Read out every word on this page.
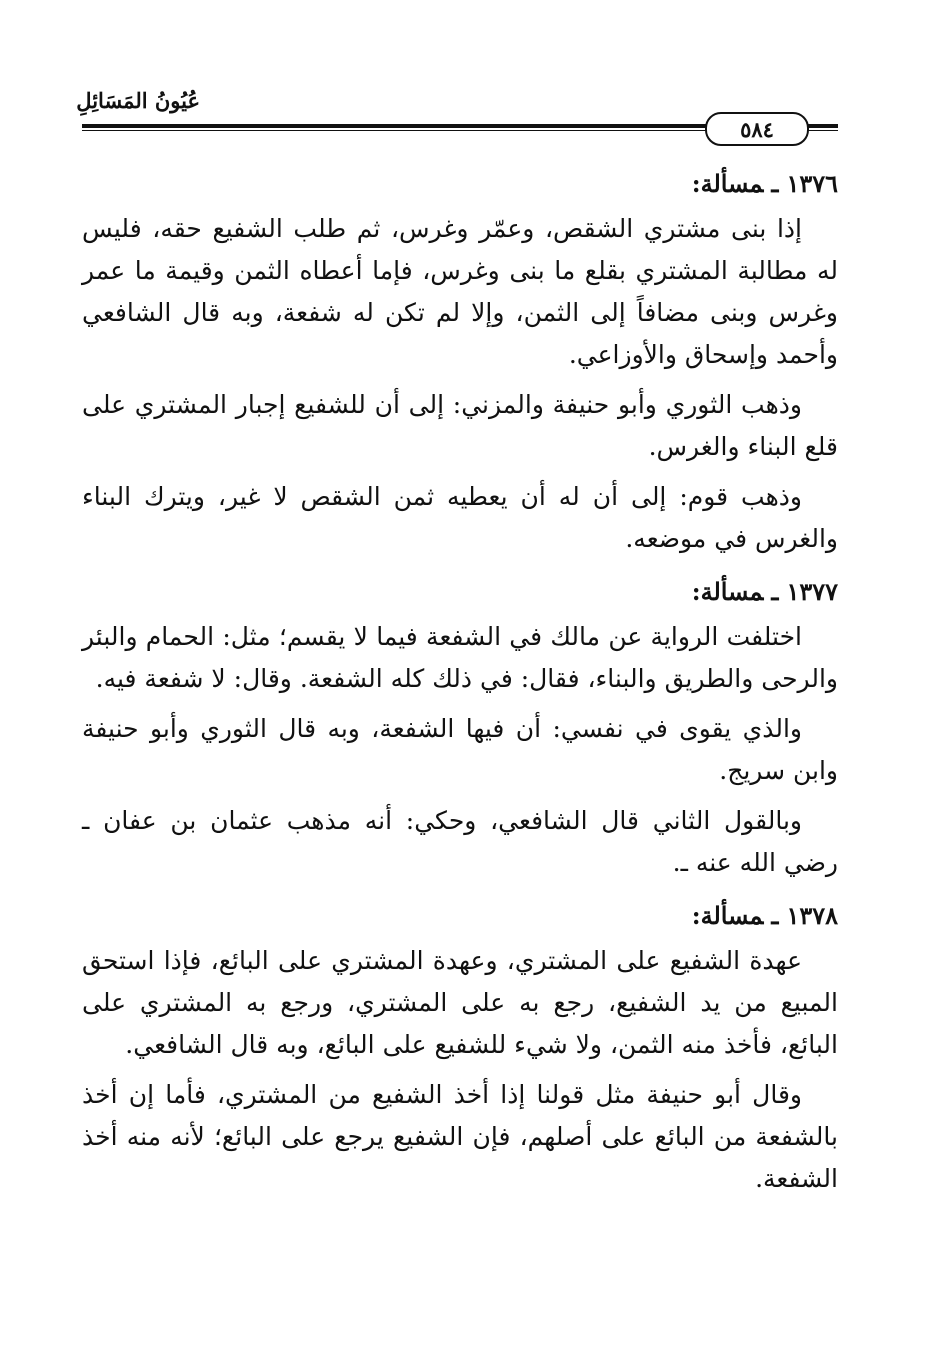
عُيُونُ المَسَائِلِ
٥٨٤

١٣٧٦ـمسألة:

إذا بنى مشتري الشقص، وعمّر وغرس، ثم طلب الشفيع حقه، فليس له مطالبة المشتري بقلع ما بنى وغرس، فإما أعطاه الثمن وقيمة ما عمر وغرس وبنى مضافاً إلى الثمن، وإلا لم تكن له شفعة، وبه قال الشافعي وأحمد وإسحاق والأوزاعي.

وذهب الثوري وأبو حنيفة والمزني: إلى أن للشفيع إجبار المشتري على قلع البناء والغرس.

وذهب قوم: إلى أن له أن يعطيه ثمن الشقص لا غير، ويترك البناء والغرس في موضعه.

١٣٧٧ـمسألة:

اختلفت الرواية عن مالك في الشفعة فيما لا يقسم؛ مثل: الحمام والبئر والرحى والطريق والبناء، فقال: في ذلك كله الشفعة. وقال: لا شفعة فيه.

والذي يقوى في نفسي: أن فيها الشفعة، وبه قال الثوري وأبو حنيفة وابن سريج.

وبالقول الثاني قال الشافعي، وحكي: أنه مذهب عثمان بن عفان ـ رضي الله عنه ـ.

١٣٧٨ـمسألة:

عهدة الشفيع على المشتري، وعهدة المشتري على البائع، فإذا استحق المبيع من يد الشفيع، رجع به على المشتري، ورجع به المشتري على البائع، فأخذ منه الثمن، ولا شيء للشفيع على البائع، وبه قال الشافعي.

وقال أبو حنيفة مثل قولنا إذا أخذ الشفيع من المشتري، فأما إن أخذ بالشفعة من البائع على أصلهم، فإن الشفيع يرجع على البائع؛ لأنه منه أخذ الشفعة.
